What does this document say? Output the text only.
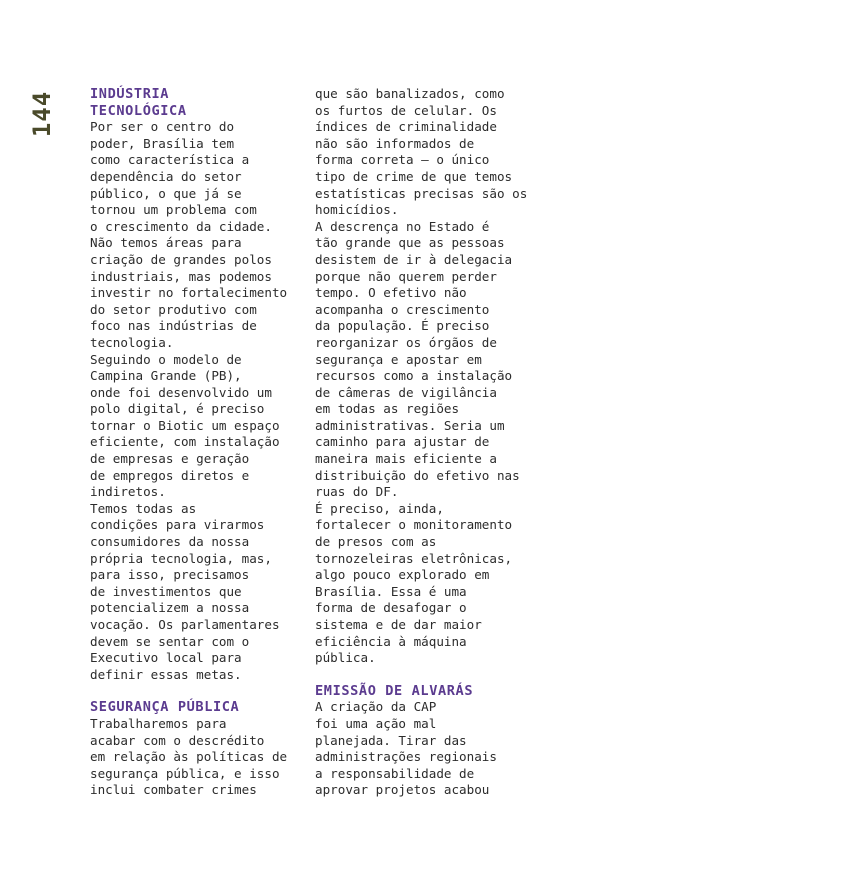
144	INDÚSTRIA
TECNOLÓGICA

Por ser o centro do
poder, Brasília tem
como característica a
dependência do setor
público, o que já se
tornou um problema com
o crescimento da cidade.
Não temos áreas para
criação de grandes polos
industriais, mas podemos
investir no fortalecimento
do setor produtivo com
foco nas indústrias de
tecnologia.

Seguindo o modelo de
Campina Grande (PB),
onde foi desenvolvido um
polo digital, é preciso
tornar o Biotic um espaço
eficiente, com instalação
de empresas e geração
de empregos diretos e
indiretos.

Temos todas as
condições para virarmos
consumidores da nossa
própria tecnologia, mas,
para isso, precisamos
de investimentos que
potencializem a nossa
vocação. Os parlamentares
devem se sentar com o
Executivo local para
definir essas metas.

SEGURANÇA PÚBLICA

Trabalharemos para
acabar com o descrédito
em relação às políticas de
segurança pública, e isso
inclui combater crimes

que são banalizados, como
os furtos de celular. Os
índices de criminalidade
não são informados de
forma correta — o único
tipo de crime de que temos
estatísticas precisas são os
homicídios.

A descrença no Estado é
tão grande que as pessoas
desistem de ir à delegacia
porque não querem perder
tempo. O efetivo não
acompanha o crescimento
da população. É preciso
reorganizar os órgãos de
segurança e apostar em
recursos como a instalação
de câmeras de vigilância
em todas as regiões
administrativas. Seria um
caminho para ajustar de
maneira mais eficiente a
distribuição do efetivo nas
ruas do DF.

É preciso, ainda,
fortalecer o monitoramento
de presos com as
tornozeleiras eletrônicas,
algo pouco explorado em
Brasília. Essa é uma
forma de desafogar o
sistema e de dar maior
eficiência à máquina
pública.

EMISSÃO DE ALVARÁS

A criação da CAP
foi uma ação mal
planejada. Tirar das
administrações regionais
a responsabilidade de
aprovar projetos acabou
